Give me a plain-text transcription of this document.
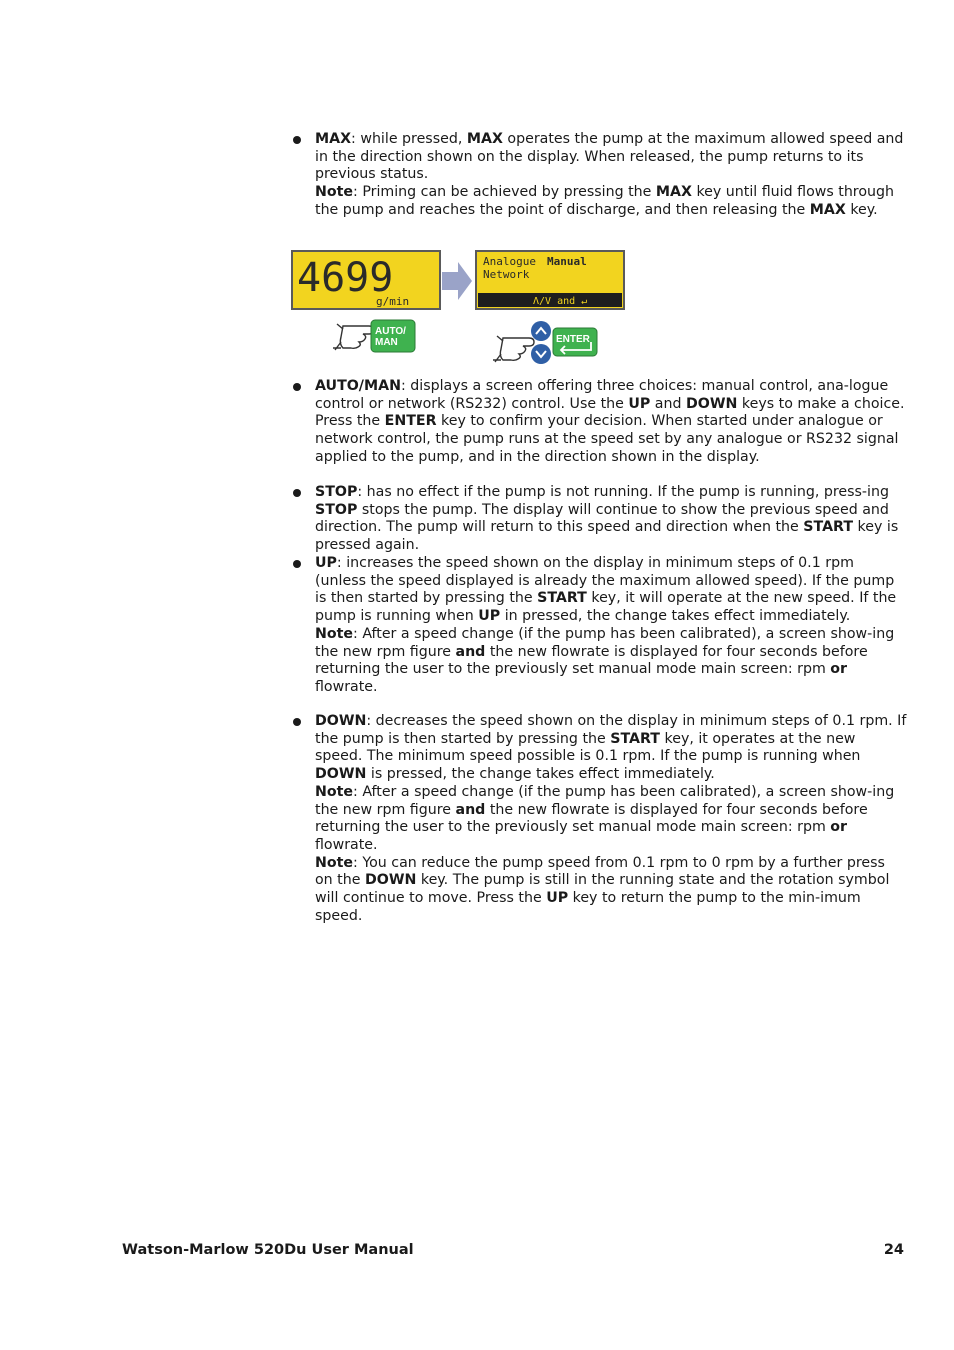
MAX: while pressed, MAX operates the pump at the maximum allowed speed and in the direction shown on the display. When released, the pump returns to its previous status.
Note: Priming can be achieved by pressing the MAX key until fluid flows through the pump and reaches the point of discharge, and then releasing the MAX key.

4699
g/min
Analogue Manual
Network
Λ/V and ↵
AUTO/
MAN	ENTER

AUTO/MAN: displays a screen offering three choices: manual control, ana-logue control or network (RS232) control. Use the UP and DOWN keys to make a choice. Press the ENTER key to confirm your decision. When started under analogue or network control, the pump runs at the speed set by any analogue or RS232 signal applied to the pump, and in the direction shown in the display.

STOP: has no effect if the pump is not running. If the pump is running, press-ing STOP stops the pump. The display will continue to show the previous speed and direction. The pump will return to this speed and direction when the START key is pressed again.

UP: increases the speed shown on the display in minimum steps of 0.1 rpm (unless the speed displayed is already the maximum allowed speed). If the pump is then started by pressing the START key, it will operate at the new speed. If the pump is running when UP in pressed, the change takes effect immediately.
Note: After a speed change (if the pump has been calibrated), a screen show-ing the new rpm figure and the new flowrate is displayed for four seconds before returning the user to the previously set manual mode main screen: rpm or flowrate.

DOWN: decreases the speed shown on the display in minimum steps of 0.1 rpm. If the pump is then started by pressing the START key, it operates at the new speed. The minimum speed possible is 0.1 rpm. If the pump is running when DOWN is pressed, the change takes effect immediately.
Note: After a speed change (if the pump has been calibrated), a screen show-ing the new rpm figure and the new flowrate is displayed for four seconds before returning the user to the previously set manual mode main screen: rpm or flowrate.
Note: You can reduce the pump speed from 0.1 rpm to 0 rpm by a further press on the DOWN key. The pump is still in the running state and the rotation symbol will continue to move. Press the UP key to return the pump to the min-imum speed.

Watson-Marlow 520Du User Manual	24
